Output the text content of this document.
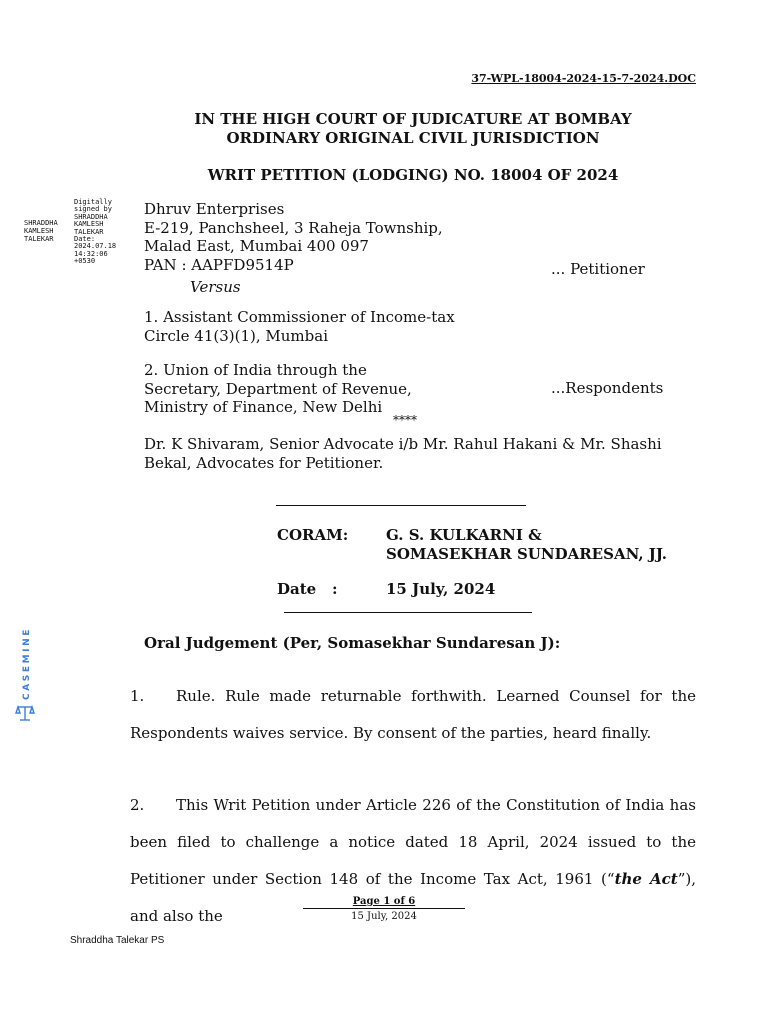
37-WPL-18004-2024-15-7-2024.DOC
IN THE HIGH COURT OF JUDICATURE AT BOMBAY
ORDINARY ORIGINAL CIVIL JURISDICTION
WRIT PETITION (LODGING) NO. 18004 OF 2024
SHRADDHA KAMLESH TALEKAR
Digitally signed by SHRADDHA KAMLESH TALEKAR Date: 2024.07.18 14:32:06 +0530
Dhruv Enterprises
E-219, Panchsheel, 3 Raheja Township,
Malad East, Mumbai 400 097
PAN : AAPFD9514P	... Petitioner
Versus
1. Assistant Commissioner of Income-tax
Circle 41(3)(1), Mumbai
2. Union of India through the
Secretary, Department of Revenue,
Ministry of Finance, New Delhi
...Respondents
****
Dr. K Shivaram, Senior Advocate i/b Mr. Rahul Hakani & Mr. Shashi Bekal, Advocates for Petitioner.
CORAM:	G. S. KULKARNI &
SOMASEKHAR SUNDARESAN, JJ.
Date :	15 July, 2024
Oral Judgement (Per, Somasekhar Sundaresan J):
1. Rule. Rule made returnable forthwith. Learned Counsel for the Respondents waives service. By consent of the parties, heard finally.
2. This Writ Petition under Article 226 of the Constitution of India has been filed to challenge a notice dated 18 April, 2024 issued to the Petitioner under Section 148 of the Income Tax Act, 1961 (“the Act”), and also the
Page 1 of 6
15 July, 2024
Shraddha Talekar PS
CASEMINE
